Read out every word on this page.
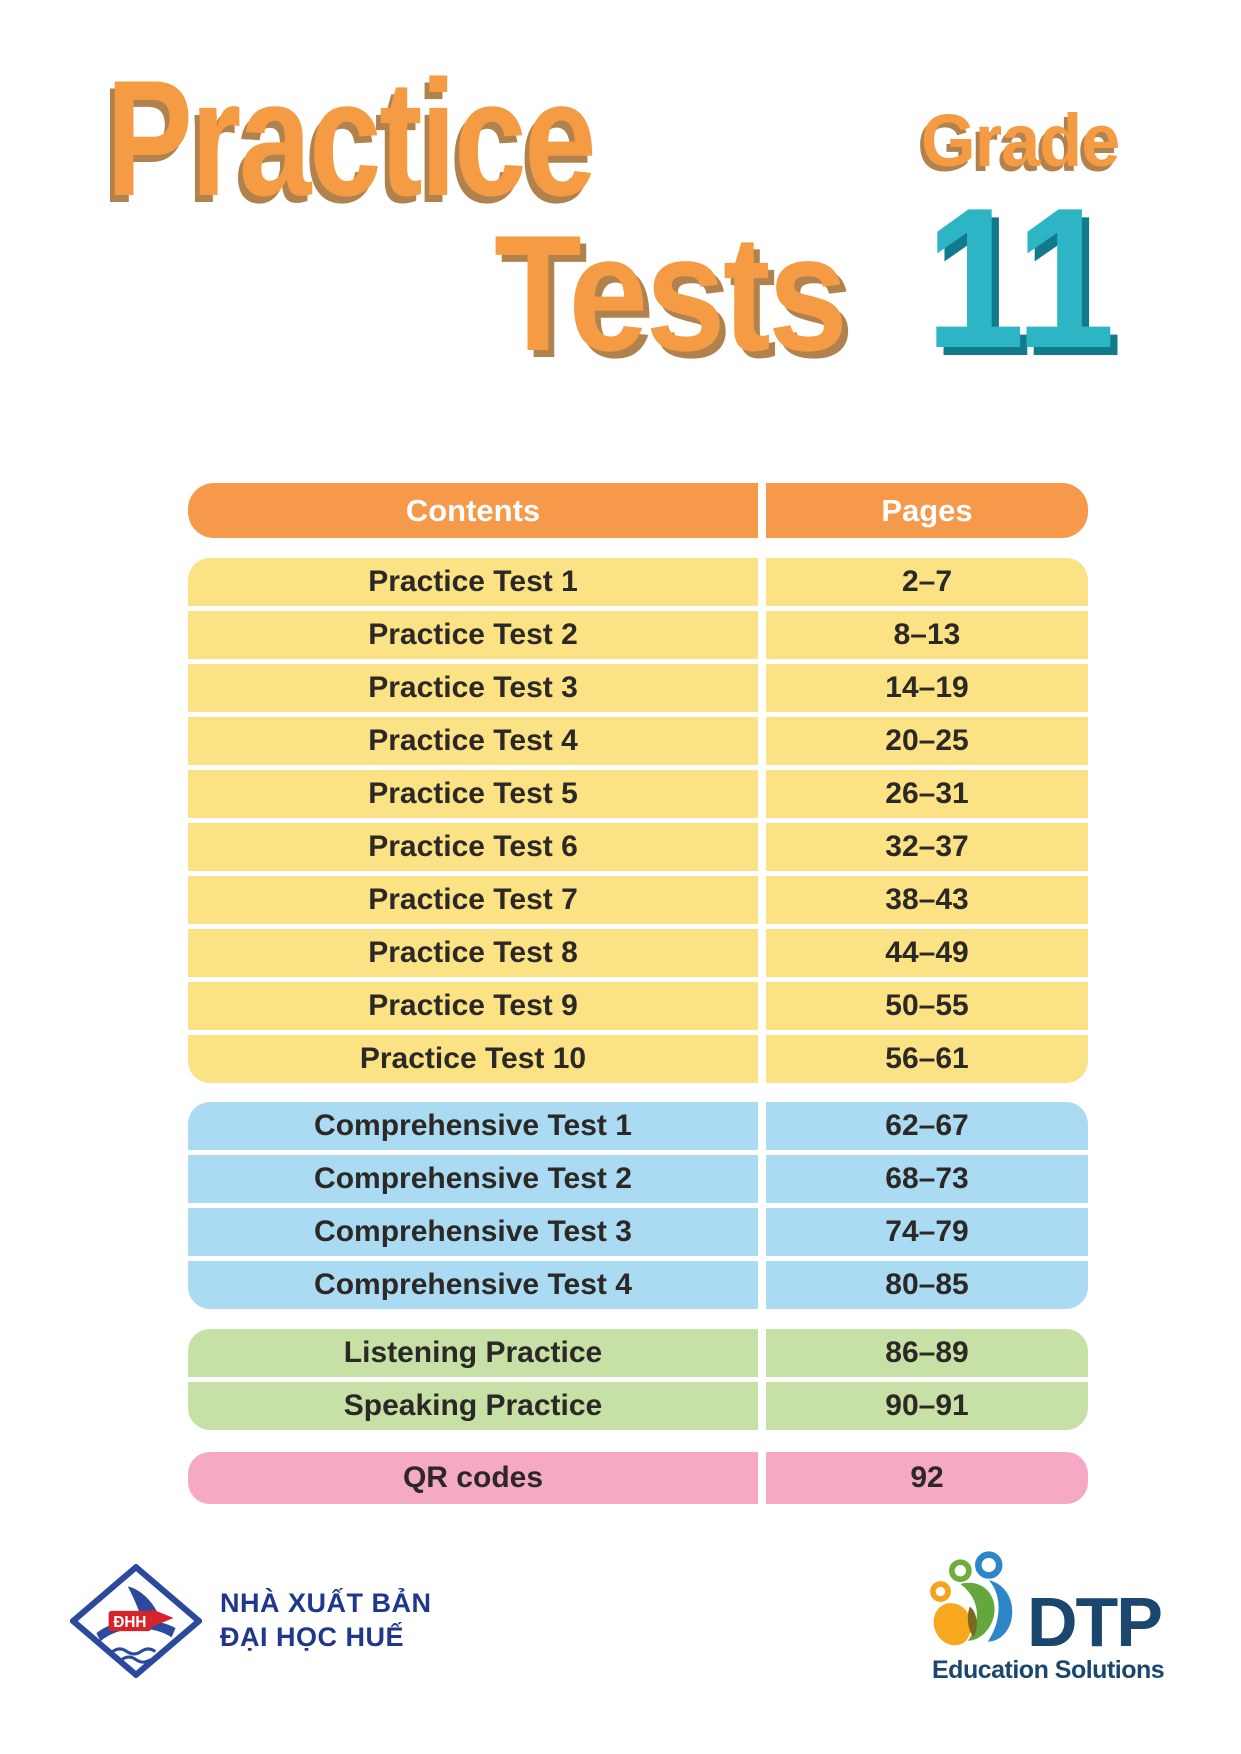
Practice
Tests
Grade
11
Contents	Pages
Practice Test 1	2–7
Practice Test 2	8–13
Practice Test 3	14–19
Practice Test 4	20–25
Practice Test 5	26–31
Practice Test 6	32–37
Practice Test 7	38–43
Practice Test 8	44–49
Practice Test 9	50–55
Practice Test 10	56–61
Comprehensive Test 1	62–67
Comprehensive Test 2	68–73
Comprehensive Test 3	74–79
Comprehensive Test 4	80–85
Listening Practice	86–89
Speaking Practice	90–91
QR codes	92
ĐHH
NHÀ XUẤT BẢN
ĐẠI HỌC HUẾ	DTP
Education Solutions
